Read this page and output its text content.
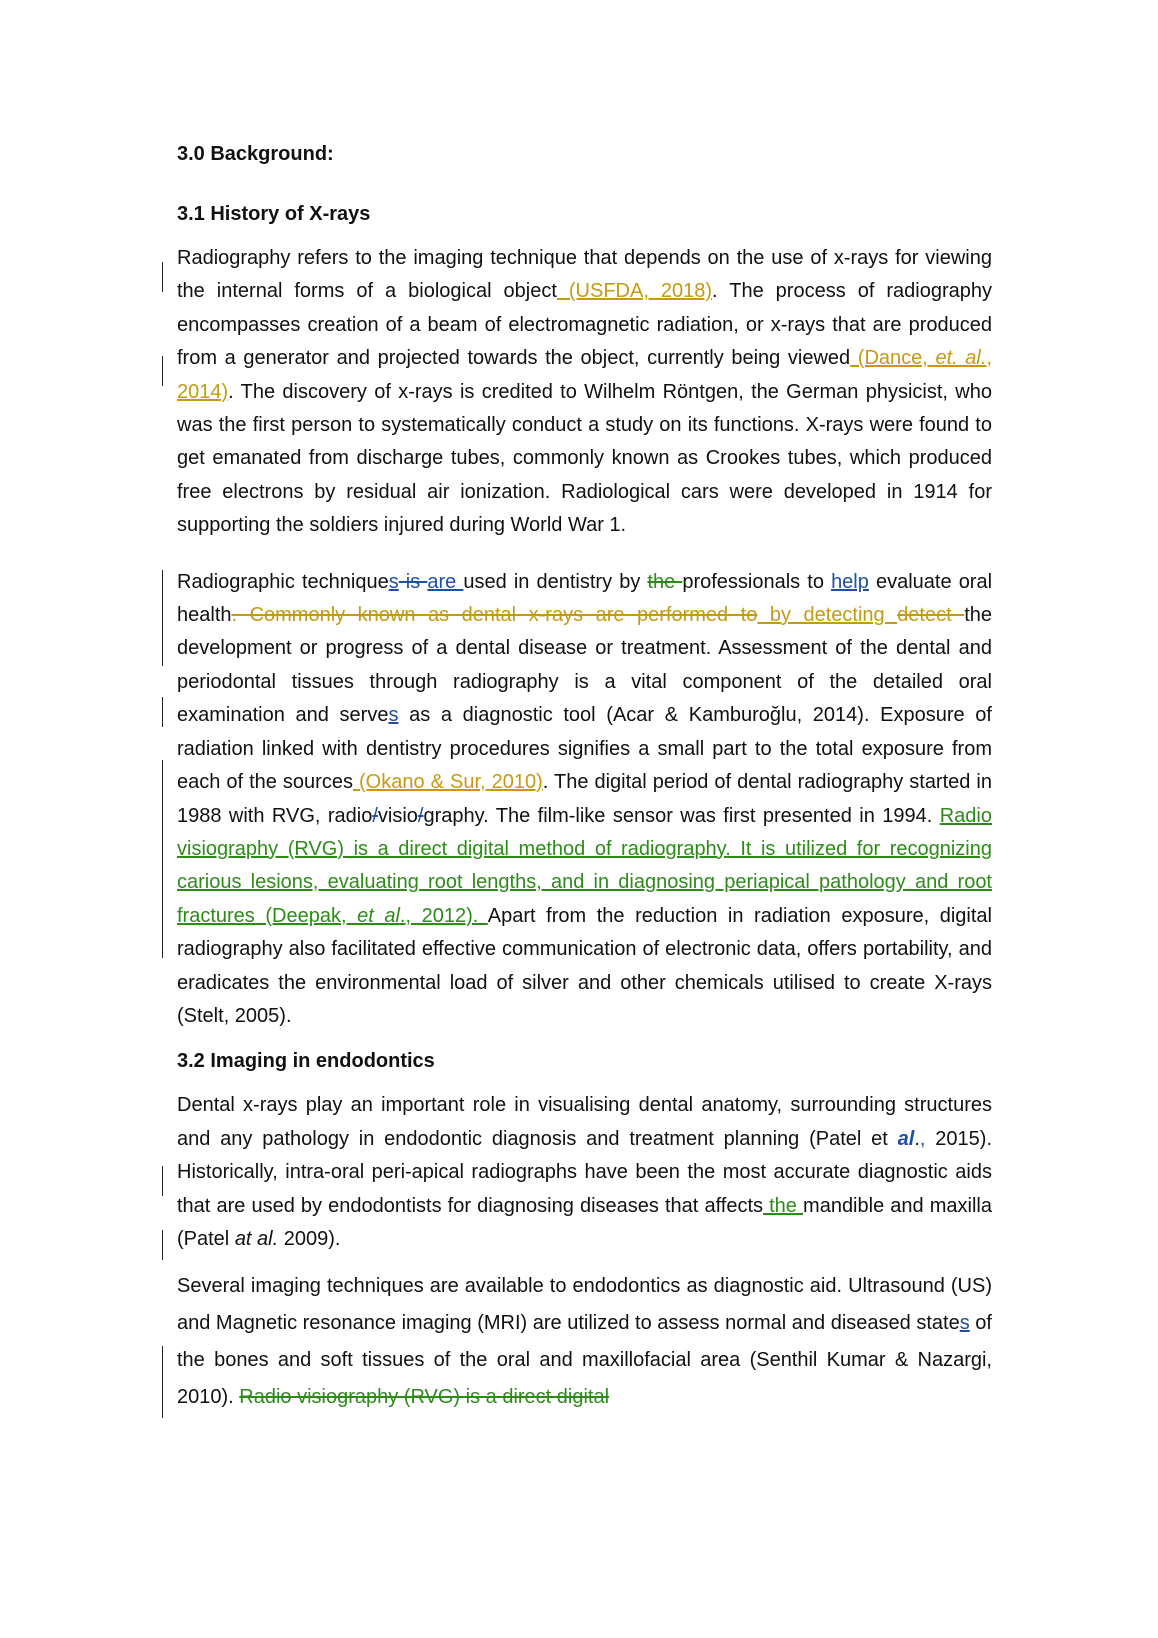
3.0 Background:
3.1 History of X-rays

Radiography refers to the imaging technique that depends on the use of x-rays for viewing the internal forms of a biological object (USFDA, 2018). The process of radiography encompasses creation of a beam of electromagnetic radiation, or x-rays that are produced from a generator and projected towards the object, currently being viewed (Dance, et. al., 2014). The discovery of x-rays is credited to Wilhelm Röntgen, the German physicist, who was the first person to systematically conduct a study on its functions. X-rays were found to get emanated from discharge tubes, commonly known as Crookes tubes, which produced free electrons by residual air ionization. Radiological cars were developed in 1914 for supporting the soldiers injured during World War 1.

Radiographic techniques is are used in dentistry by the professionals to help evaluate oral health. Commonly known as dental x-rays are performed to by detecting detect the development or progress of a dental disease or treatment. Assessment of the dental and periodontal tissues through radiography is a vital component of the detailed oral examination and serves as a diagnostic tool (Acar & Kamburoğlu, 2014). Exposure of radiation linked with dentistry procedures signifies a small part to the total exposure from each of the sources (Okano & Sur, 2010). The digital period of dental radiography started in 1988 with RVG, radio/visio/graphy. The film-like sensor was first presented in 1994. Radio visiography (RVG) is a direct digital method of radiography. It is utilized for recognizing carious lesions, evaluating root lengths, and in diagnosing periapical pathology and root fractures (Deepak, et al., 2012). Apart from the reduction in radiation exposure, digital radiography also facilitated effective communication of electronic data, offers portability, and eradicates the environmental load of silver and other chemicals utilised to create X-rays (Stelt, 2005).

3.2 Imaging in endodontics

Dental x-rays play an important role in visualising dental anatomy, surrounding structures and any pathology in endodontic diagnosis and treatment planning (Patel et al., 2015). Historically, intra-oral peri-apical radiographs have been the most accurate diagnostic aids that are used by endodontists for diagnosing diseases that affects the mandible and maxilla (Patel at al. 2009).

Several imaging techniques are available to endodontics as diagnostic aid. Ultrasound (US) and Magnetic resonance imaging (MRI) are utilized to assess normal and diseased states of the bones and soft tissues of the oral and maxillofacial area (Senthil Kumar & Nazargi, 2010). Radio visiography (RVG) is a direct digital
